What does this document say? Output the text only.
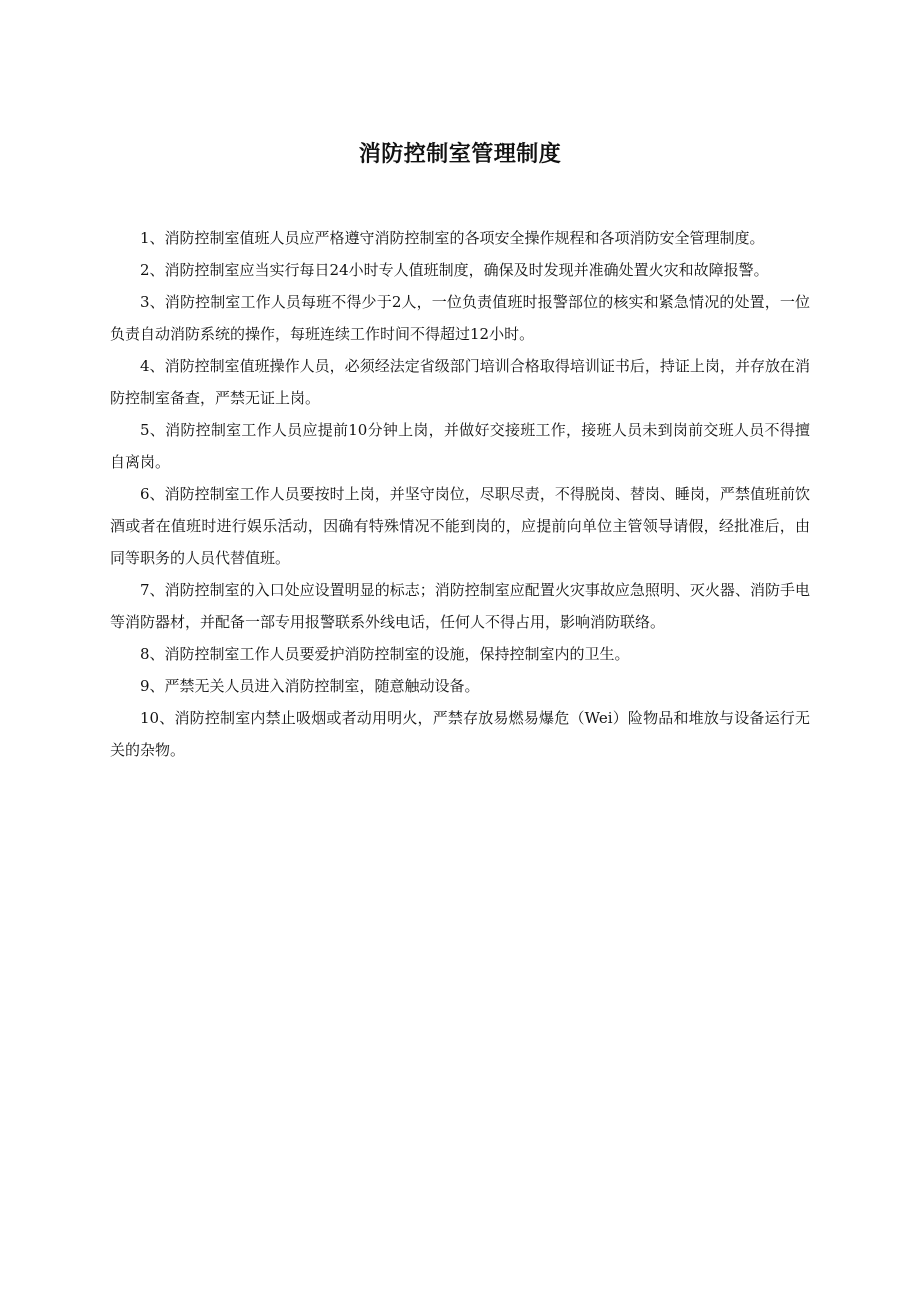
消防控制室管理制度

1、消防控制室值班人员应严格遵守消防控制室的各项安全操作规程和各项消防安全管理制度。

2、消防控制室应当实行每日24小时专人值班制度，确保及时发现并准确处置火灾和故障报警。

3、消防控制室工作人员每班不得少于2人，一位负责值班时报警部位的核实和紧急情况的处置，一位负责自动消防系统的操作，每班连续工作时间不得超过12小时。

4、消防控制室值班操作人员，必须经法定省级部门培训合格取得培训证书后，持证上岗，并存放在消防控制室备查，严禁无证上岗。

5、消防控制室工作人员应提前10分钟上岗，并做好交接班工作，接班人员未到岗前交班人员不得擅自离岗。

6、消防控制室工作人员要按时上岗，并坚守岗位，尽职尽责，不得脱岗、替岗、睡岗，严禁值班前饮酒或者在值班时进行娱乐活动，因确有特殊情况不能到岗的，应提前向单位主管领导请假，经批准后，由同等职务的人员代替值班。

7、消防控制室的入口处应设置明显的标志；消防控制室应配置火灾事故应急照明、灭火器、消防手电等消防器材，并配备一部专用报警联系外线电话，任何人不得占用，影响消防联络。

8、消防控制室工作人员要爱护消防控制室的设施，保持控制室内的卫生。

9、严禁无关人员进入消防控制室，随意触动设备。

10、消防控制室内禁止吸烟或者动用明火，严禁存放易燃易爆危（Wei）险物品和堆放与设备运行无关的杂物。
